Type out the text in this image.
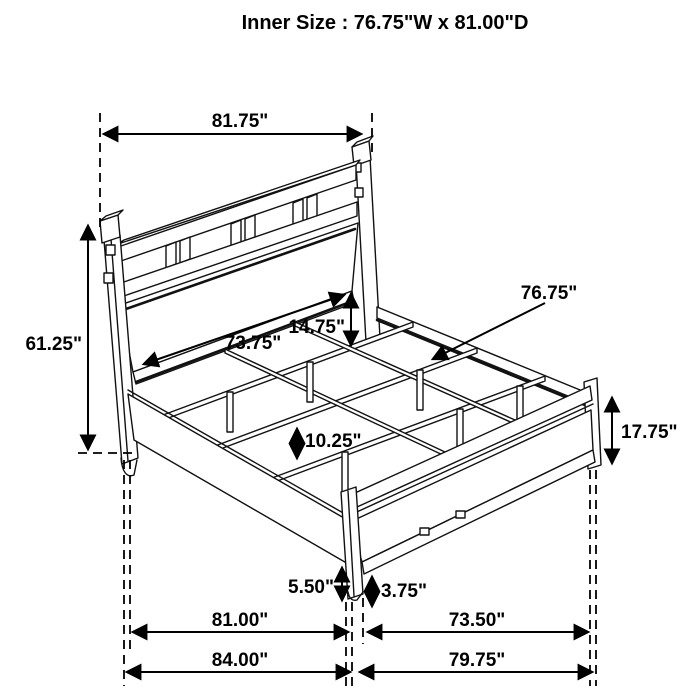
81.75"
61.25"	73.75"
14.75"
76.75"
10.25"	17.75"
5.50" 3.75"
81.00"	73.50"
84.00"	79.75"
Inner Size : 76.75"W x 81.00"D
